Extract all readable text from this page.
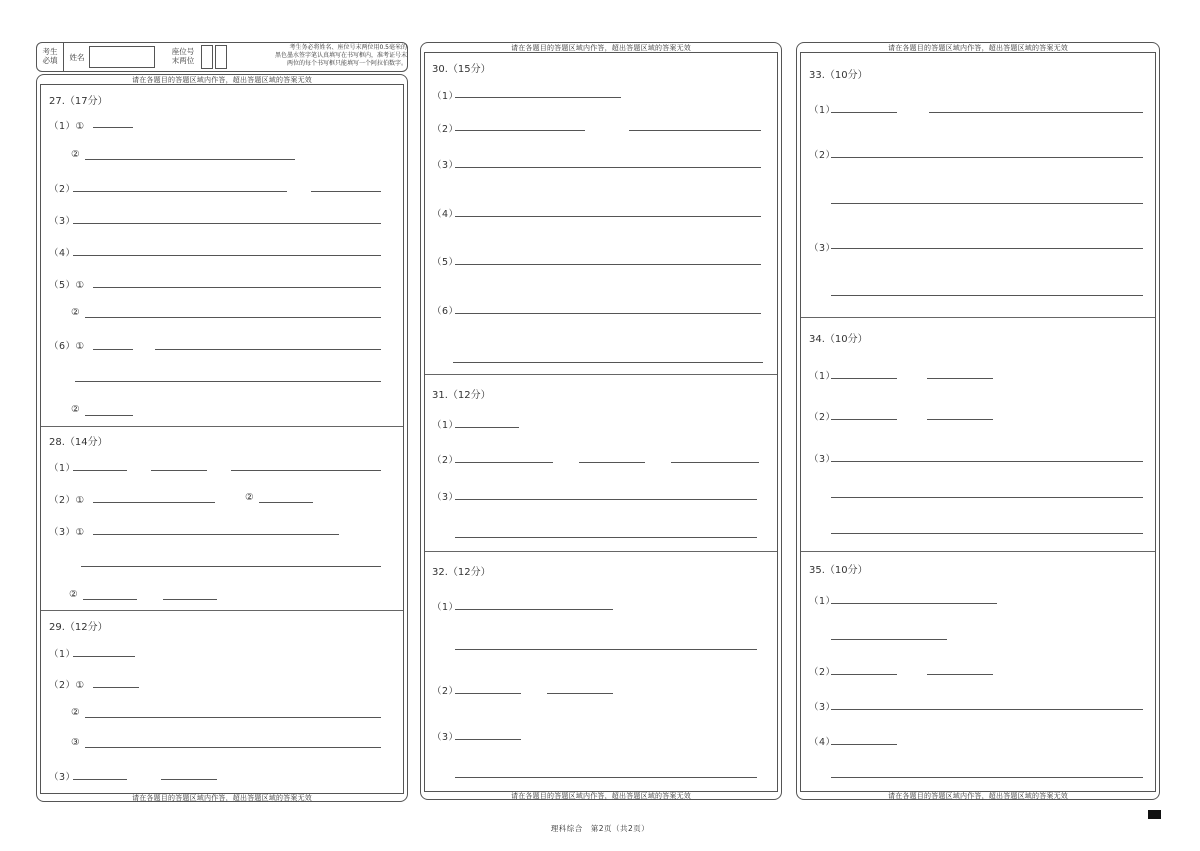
考生
必填	姓名
座位号
末两位
考生务必将姓名、座位号末两位用0.5毫米的
黑色墨水签字笔认真填写在书写框内，准考证号末
两位的每个书写框只能填写一个阿拉伯数字。
请在各题目的答题区域内作答，超出答题区域的答案无效
27.（17分）
（1）①
②
（2）
（3）
（4）
（5）①
②
（6）①
②
28.（14分）
（1）
（2）①	②
（3）①
②
29.（12分）
（1）
（2）①
②
③
（3）
请在各题目的答题区域内作答，超出答题区域的答案无效
请在各题目的答题区域内作答，超出答题区域的答案无效
30.（15分）
（1）
（2）
（3）
（4）
（5）
（6）
31.（12分）
（1）
（2）
（3）
32.（12分）
（1）
（2）
（3）
请在各题目的答题区域内作答，超出答题区域的答案无效
请在各题目的答题区域内作答，超出答题区域的答案无效
33.（10分）
（1）
（2）
（3）
34.（10分）
（1）
（2）
（3）
35.（10分）
（1）
（2）
（3）
（4）
请在各题目的答题区域内作答，超出答题区域的答案无效
理科综合　第2页（共2页）
